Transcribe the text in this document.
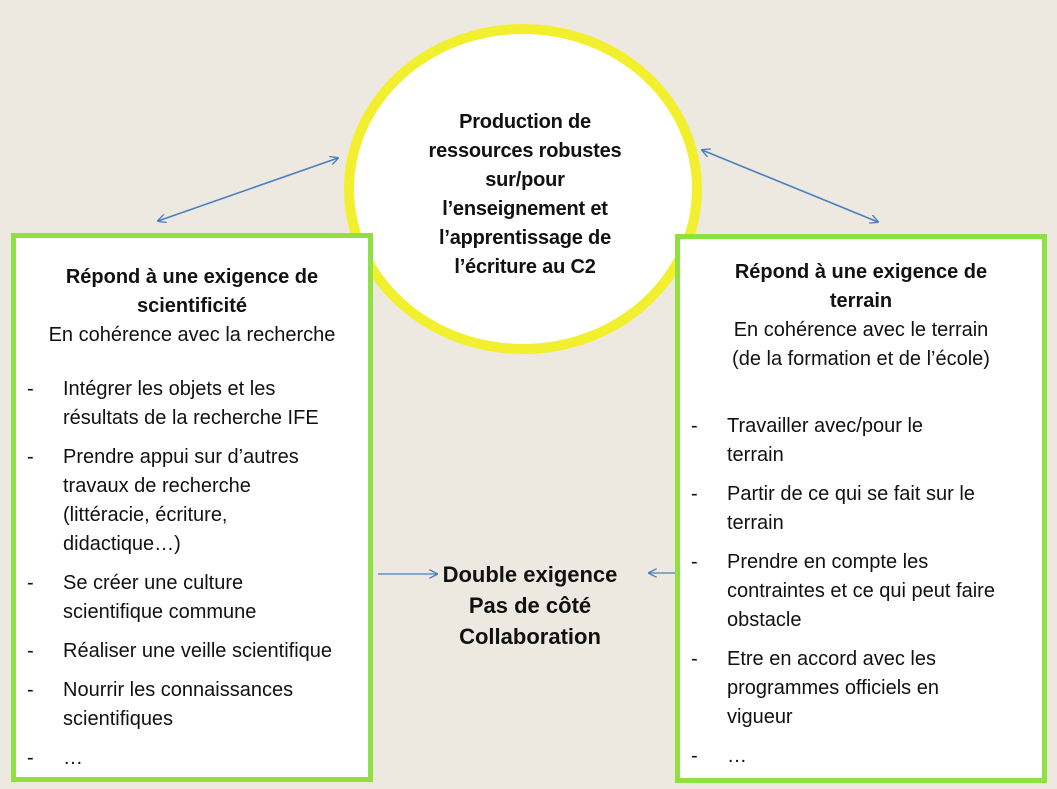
Production de
ressources robustes
sur/pour
l’enseignement et
l’apprentissage de
l’écriture au C2
Répond à une exigence de
scientificité
En cohérence avec la recherche
- Intégrer les objets et les
résultats de la recherche IFE
- Prendre appui sur d’autres
travaux de recherche
(littéracie, écriture,
didactique…)
- Se créer une culture
scientifique commune
- Réaliser une veille scientifique
- Nourrir les connaissances
scientifiques
- …
Répond à une exigence de
terrain
En cohérence avec le terrain
(de la formation et de l’école)
- Travailler avec/pour le
terrain
- Partir de ce qui se fait sur le
terrain
- Prendre en compte les
contraintes et ce qui peut faire
obstacle
- Etre en accord avec les
programmes officiels en
vigueur
- …
Double exigence
Pas de côté
Collaboration
